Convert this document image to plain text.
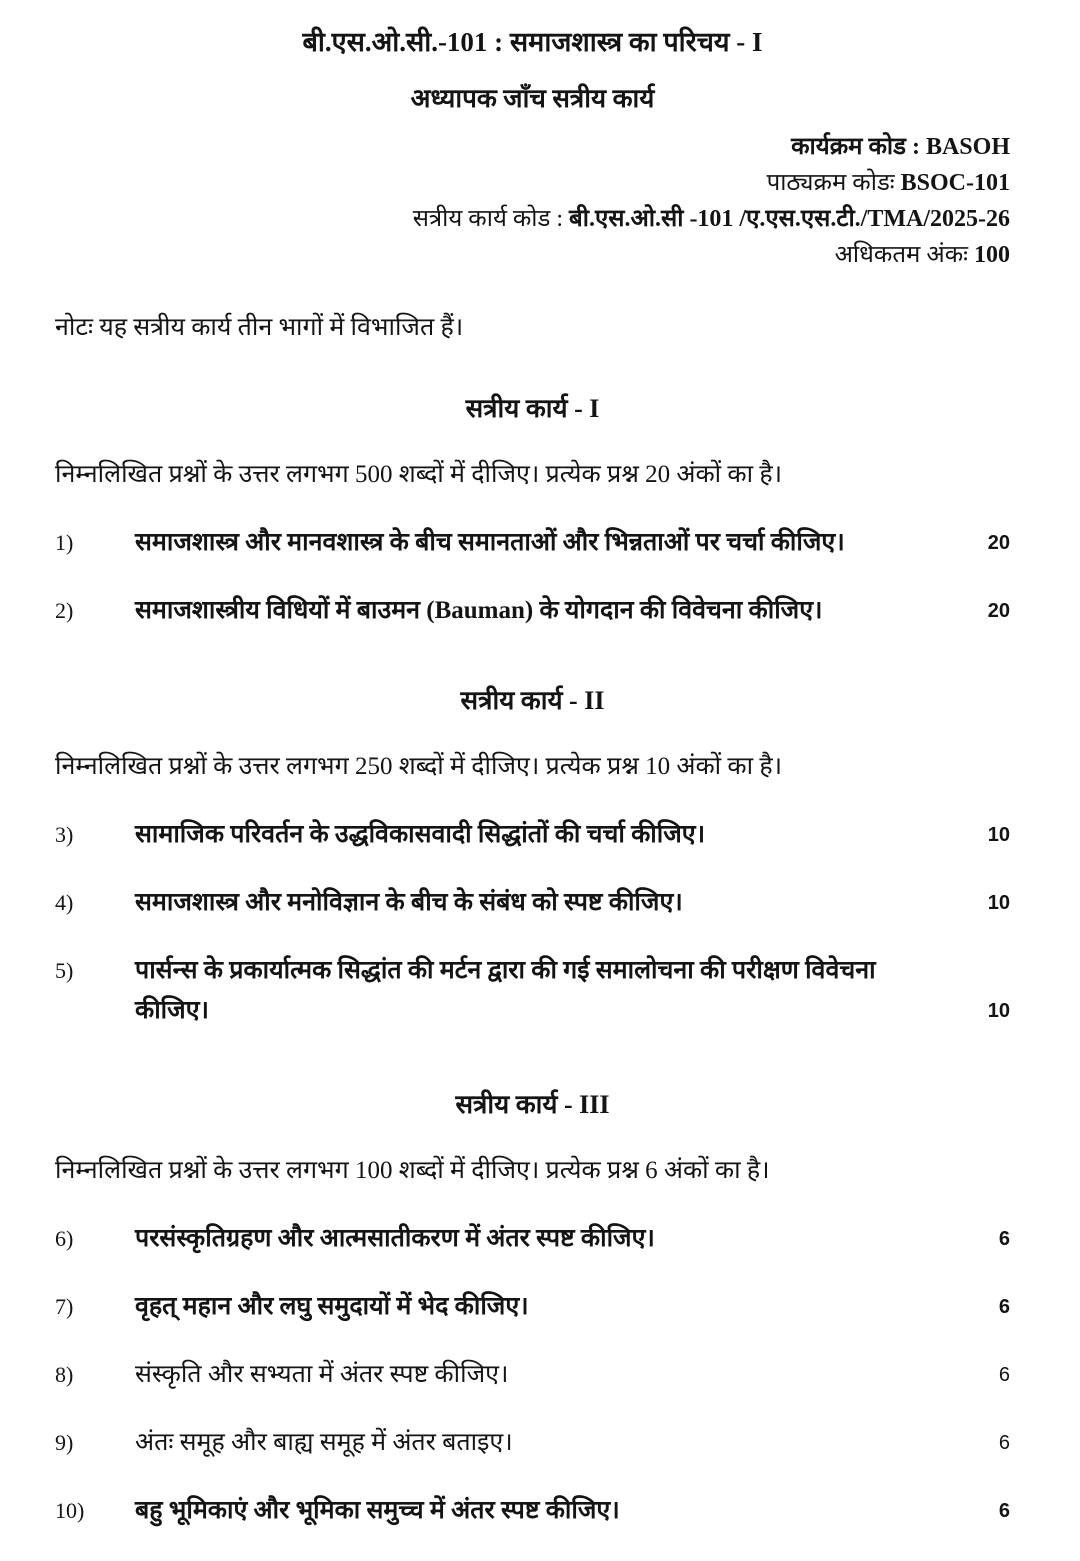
बी.एस.ओ.सी.-101 : समाजशास्त्र का परिचय - I
अध्यापक जाँच सत्रीय कार्य
कार्यक्रम कोड : BASOH
पाठ्यक्रम कोडः BSOC-101
सत्रीय कार्य कोड : बी.एस.ओ.सी -101 /ए.एस.एस.टी./TMA/2025-26
अधिकतम अंकः 100
नोटः यह सत्रीय कार्य तीन भागों में विभाजित हैं।
सत्रीय कार्य - I
निम्नलिखित प्रश्नों के उत्तर लगभग 500 शब्दों में दीजिए। प्रत्येक प्रश्न 20 अंकों का है।
1)	समाजशास्त्र और मानवशास्त्र के बीच समानताओं और भिन्नताओं पर चर्चा कीजिए।	20
2)	समाजशास्त्रीय विधियों में बाउमन (Bauman) के योगदान की विवेचना कीजिए।	20
सत्रीय कार्य - II
निम्नलिखित प्रश्नों के उत्तर लगभग 250 शब्दों में दीजिए। प्रत्येक प्रश्न 10 अंकों का है।
3)	सामाजिक परिवर्तन के उद्धविकासवादी सिद्धांतों की चर्चा कीजिए।	10
4)	समाजशास्त्र और मनोविज्ञान के बीच के संबंध को स्पष्ट कीजिए।	10
5)	पार्सन्स के प्रकार्यात्मक सिद्धांत की मर्टन द्वारा की गई समालोचना की परीक्षण विवेचना कीजिए।	10
सत्रीय कार्य - III
निम्नलिखित प्रश्नों के उत्तर लगभग 100 शब्दों में दीजिए। प्रत्येक प्रश्न 6 अंकों का है।
6)	परसंस्कृतिग्रहण और आत्मसातीकरण में अंतर स्पष्ट कीजिए।	6
7)	वृहत् महान और लघु समुदायों में भेद कीजिए।	6
8)	संस्कृति और सभ्यता में अंतर स्पष्ट कीजिए।	6
9)	अंतः समूह और बाह्य समूह में अंतर बताइए।	6
10)	बहु भूमिकाएं और भूमिका समुच्च में अंतर स्पष्ट कीजिए।	6
